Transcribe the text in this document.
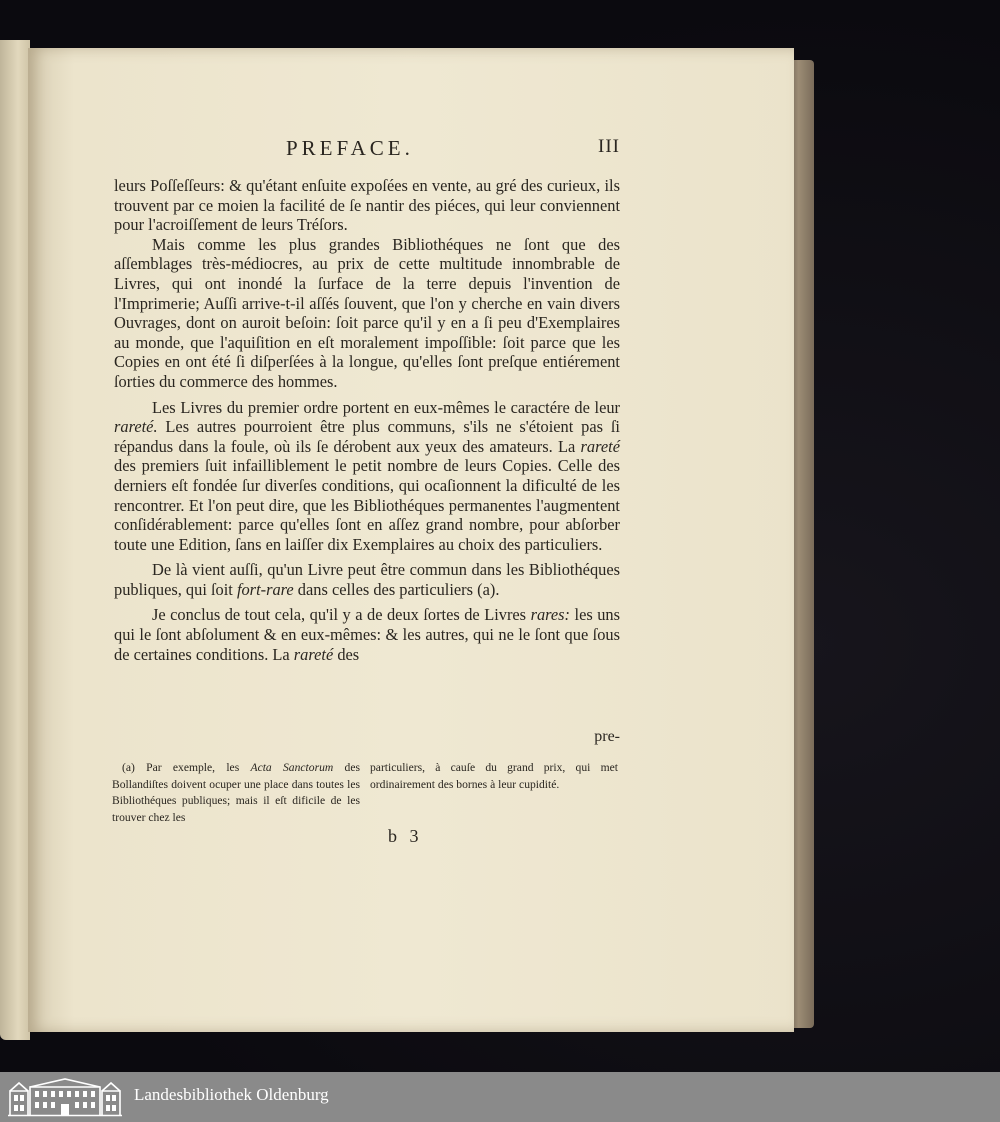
PREFACE.	III

leurs Poſſeſſeurs: & qu'étant enſuite expoſées en vente, au gré des curieux, ils trouvent par ce moien la facilité de ſe nantir des piéces, qui leur conviennent pour l'acroiſſement de leurs Tréſors.

Mais comme les plus grandes Bibliothéques ne ſont que des aſſemblages très-médiocres, au prix de cette multitude innombrable de Livres, qui ont inondé la ſurface de la terre depuis l'invention de l'Imprimerie; Auſſi arrive-t-il aſſés ſouvent, que l'on y cherche en vain divers Ouvrages, dont on auroit beſoin: ſoit parce qu'il y en a ſi peu d'Exemplaires au monde, que l'aquiſition en eſt moralement impoſſible: ſoit parce que les Copies en ont été ſi diſperſées à la longue, qu'elles ſont preſque entiérement ſorties du commerce des hommes.

Les Livres du premier ordre portent en eux-mêmes le caractére de leur rareté. Les autres pourroient être plus communs, s'ils ne s'étoient pas ſi répandus dans la foule, où ils ſe dérobent aux yeux des amateurs. La rareté des premiers ſuit infailliblement le petit nombre de leurs Copies. Celle des derniers eſt fondée ſur diverſes conditions, qui ocaſionnent la dificulté de les rencontrer. Et l'on peut dire, que les Bibliothéques permanentes l'augmentent conſidérablement: parce qu'elles ſont en aſſez grand nombre, pour abſorber toute une Edition, ſans en laiſſer dix Exemplaires au choix des particuliers.

De là vient auſſi, qu'un Livre peut être commun dans les Bibliothéques publiques, qui ſoit fort-rare dans celles des particuliers (a).

Je conclus de tout cela, qu'il y a de deux ſortes de Livres rares: les uns qui le ſont abſolument & en eux-mêmes: & les autres, qui ne le ſont que ſous de certaines conditions. La rareté des

pre-

(a) Par exemple, les Acta Sanctorum des Bollandiſtes doivent ocuper une place dans toutes les Bibliothéques publiques; mais il eſt dificile de les trouver chez les

particuliers, à cauſe du grand prix, qui met ordinairement des bornes à leur cupidité.

b 3
Landesbibliothek Oldenburg
